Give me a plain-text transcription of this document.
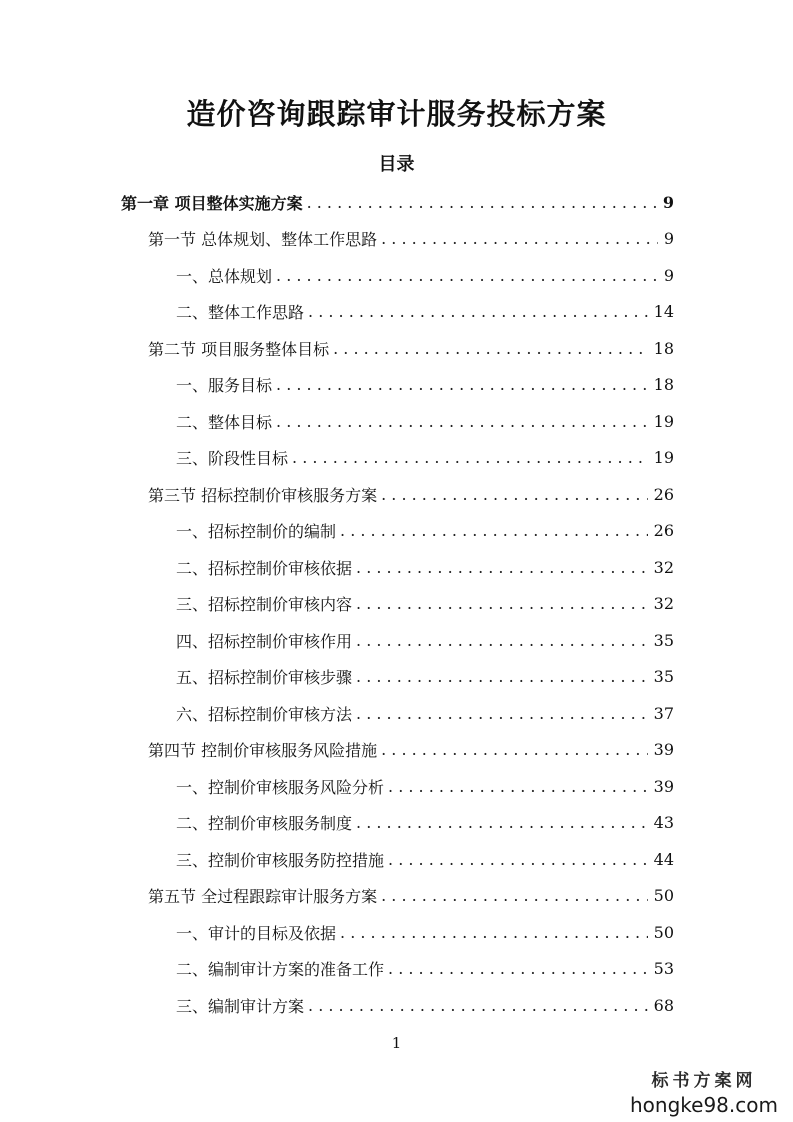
造价咨询跟踪审计服务投标方案
目录
第一章 项目整体实施方案 . . .	9
第一节 总体规划、整体工作思路 . . .	9
一、总体规划 . . .	9
二、整体工作思路 . . .	14
第二节 项目服务整体目标 . . .	18
一、服务目标 . . .	18
二、整体目标 . . .	19
三、阶段性目标 . . .	19
第三节 招标控制价审核服务方案 . . .	26
一、招标控制价的编制 . . .	26
二、招标控制价审核依据 . . .	32
三、招标控制价审核内容 . . .	32
四、招标控制价审核作用 . . .	35
五、招标控制价审核步骤 . . .	35
六、招标控制价审核方法 . . .	37
第四节 控制价审核服务风险措施 . . .	39
一、控制价审核服务风险分析 . . .	39
二、控制价审核服务制度 . . .	43
三、控制价审核服务防控措施 . . .	44
第五节 全过程跟踪审计服务方案 . . .	50
一、审计的目标及依据 . . .	50
二、编制审计方案的准备工作 . . .	53
三、编制审计方案 . . .	68
1
标书方案网
hongke98.com
